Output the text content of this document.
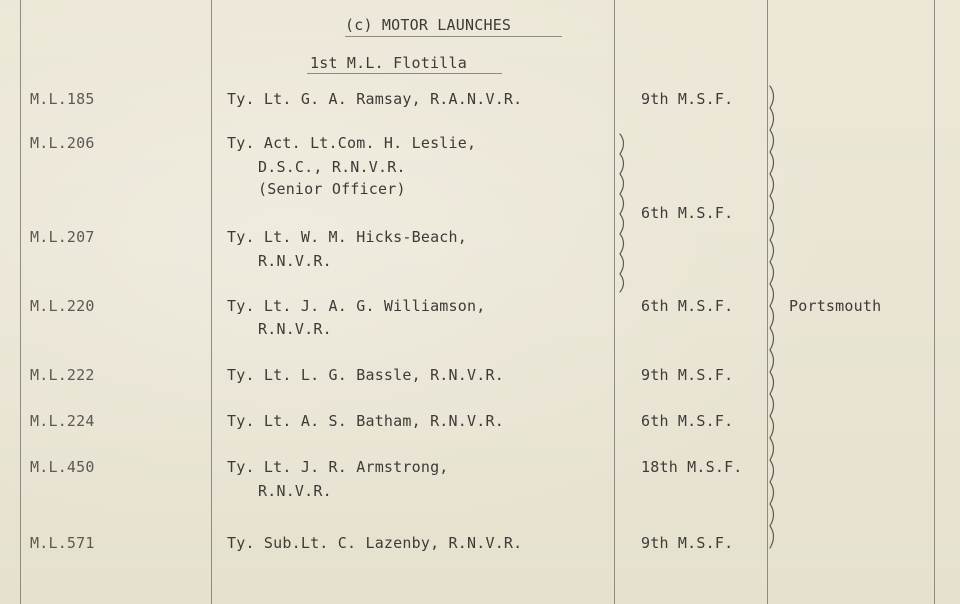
(c) MOTOR LAUNCHES
1st M.L. Flotilla
M.L.185
M.L.206
M.L.207
M.L.220
M.L.222
M.L.224
M.L.450
M.L.571
Ty. Lt. G. A. Ramsay, R.A.N.V.R.
Ty. Act. Lt.Com. H. Leslie,
D.S.C., R.N.V.R.
(Senior Officer)
Ty. Lt. W. M. Hicks-Beach,
R.N.V.R.
Ty. Lt. J. A. G. Williamson,
R.N.V.R.
Ty. Lt. L. G. Bassle, R.N.V.R.
Ty. Lt. A. S. Batham, R.N.V.R.
Ty. Lt. J. R. Armstrong,
R.N.V.R.
Ty. Sub.Lt. C. Lazenby, R.N.V.R.
9th M.S.F.
6th M.S.F.
6th M.S.F.
9th M.S.F.
6th M.S.F.
18th M.S.F.
9th M.S.F.
Portsmouth
